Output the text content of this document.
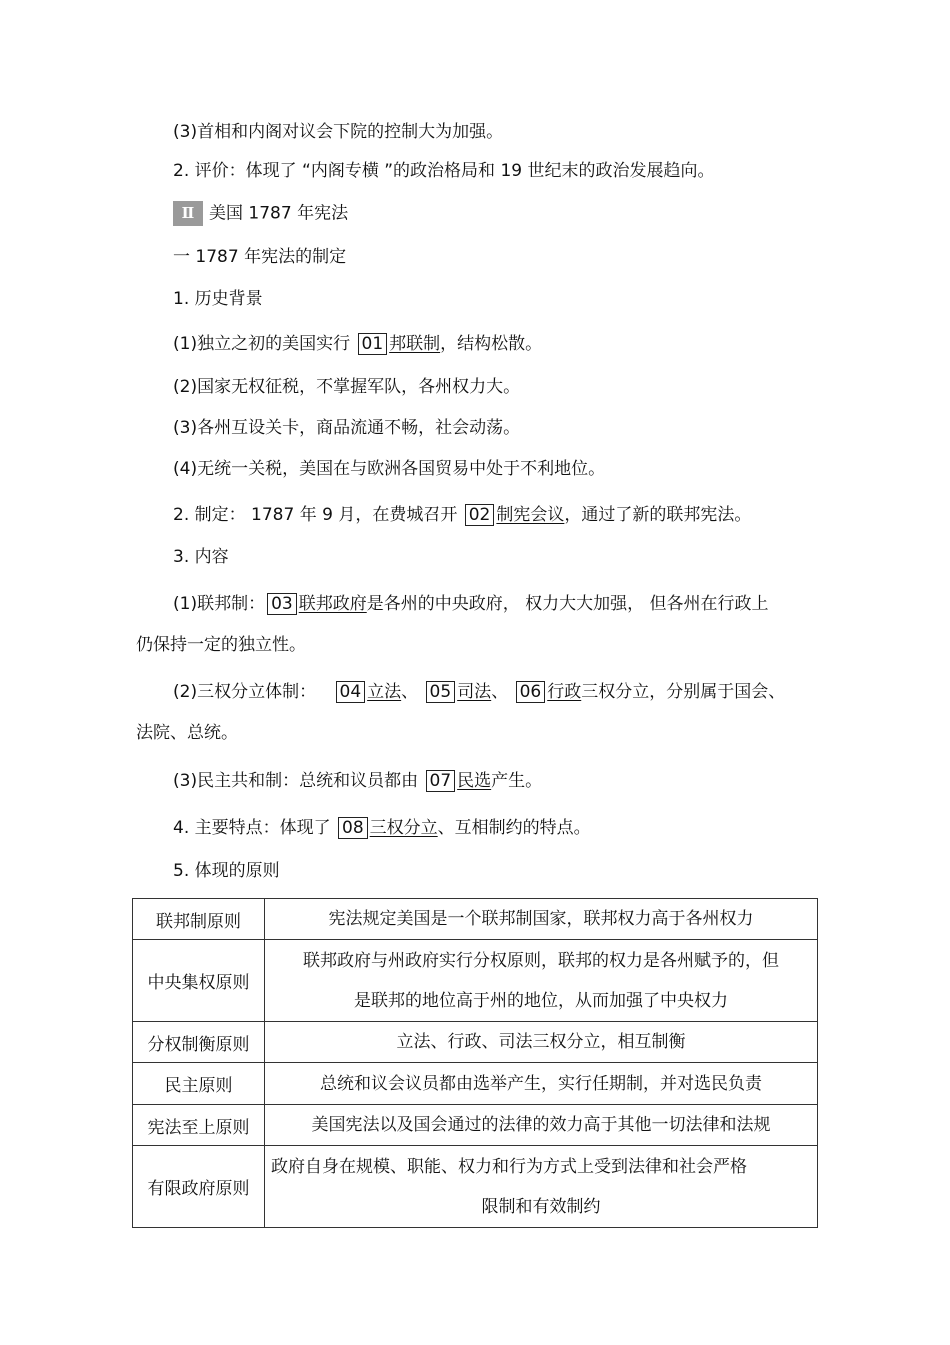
(3)首相和内阁对议会下院的控制大为加强。
2. 评价：体现了 “内阁专横 ”的政治格局和 19 世纪末的政治发展趋向。
Ⅱ 美国 1787 年宪法
一 1787 年宪法的制定
1. 历史背景
(1)独立之初的美国实行 01 邦联制，结构松散。
(2)国家无权征税，不掌握军队，各州权力大。
(3)各州互设关卡，商品流通不畅，社会动荡。
(4)无统一关税，美国在与欧洲各国贸易中处于不利地位。
2. 制定： 1787 年 9 月，在费城召开 02 制宪会议，通过了新的联邦宪法。
3. 内容
(1)联邦制： 03 联邦政府是各州的中央政府， 权力大大加强， 但各州在行政上
仍保持一定的独立性。
(2)三权分立体制： 04 立法、 05 司法、 06 行政三权分立，分别属于国会、
法院、总统。
(3)民主共和制：总统和议员都由 07 民选产生。
4. 主要特点：体现了 08 三权分立、互相制约的特点。
5. 体现的原则
联邦制原则	宪法规定美国是一个联邦制国家，联邦权力高于各州权力

中央集权原则	联邦政府与州政府实行分权原则，联邦的权力是各州赋予的，但
是联邦的地位高于州的地位，从而加强了中央权力

分权制衡原则	立法、行政、司法三权分立，相互制衡

民主原则	总统和议会议员都由选举产生，实行任期制，并对选民负责

宪法至上原则	美国宪法以及国会通过的法律的效力高于其他一切法律和法规

有限政府原则	政府自身在规模、职能、权力和行为方式上受到法律和社会严格
限制和有效制约
